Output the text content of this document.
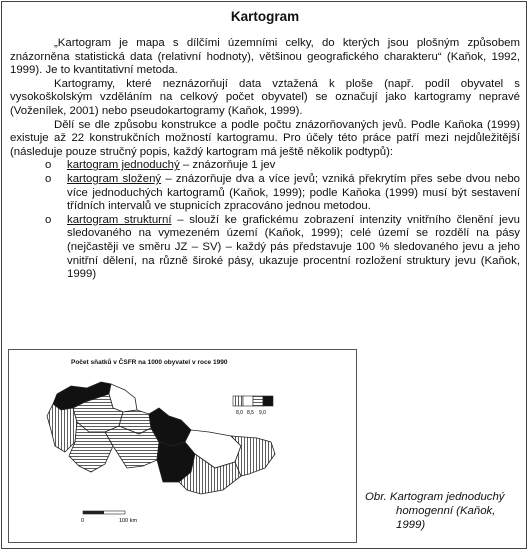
Kartogram

„Kartogram je mapa s dílčími územními celky, do kterých jsou plošným způsobem znázorněna statistická data (relativní hodnoty), většinou geografického charakteru“ (Kaňok, 1992, 1999). Je to kvantitativní metoda.

Kartogramy, které neznázorňují data vztažená k ploše (např. podíl obyvatel s vysokoškolským vzděláním na celkový počet obyvatel) se označují jako kartogramy nepravé (Voženílek, 2001) nebo pseudokartogramy (Kaňok, 1999).

Dělí se dle způsobu konstrukce a podle počtu znázorňovaných jevů. Podle Kaňoka (1999) existuje až 22 konstrukčních možností kartogramu. Pro účely této práce patří mezi nejdůležitější (následuje pouze stručný popis, každý kartogram má ještě několik podtypů):

o kartogram jednoduchý – znázorňuje 1 jev
o kartogram složený – znázorňuje dva a více jevů; vzniká překrytím přes sebe dvou nebo více jednoduchých kartogramů (Kaňok, 1999); podle Kaňoka (1999) musí být sestavení třídních intervalů ve stupnicích zpracováno jednou metodou.
o kartogram strukturní – slouží ke grafickému zobrazení intenzity vnitřního členění jevu sledovaného na vymezeném území (Kaňok, 1999); celé území se rozdělí na pásy (nejčastěji ve směru JZ – SV) – každý pás představuje 100 % sledovaného jevu a jeho vnitřní dělení, na různě široké pásy, ukazuje procentní rozložení struktury jevu (Kaňok, 1999)
Počet sňatků v ČSFR na 1000 obyvatel v roce 1990
8,0 8,5 9,0
0	100 km
Obr. Kartogram jednoduchý
homogenní (Kaňok,
1999)
